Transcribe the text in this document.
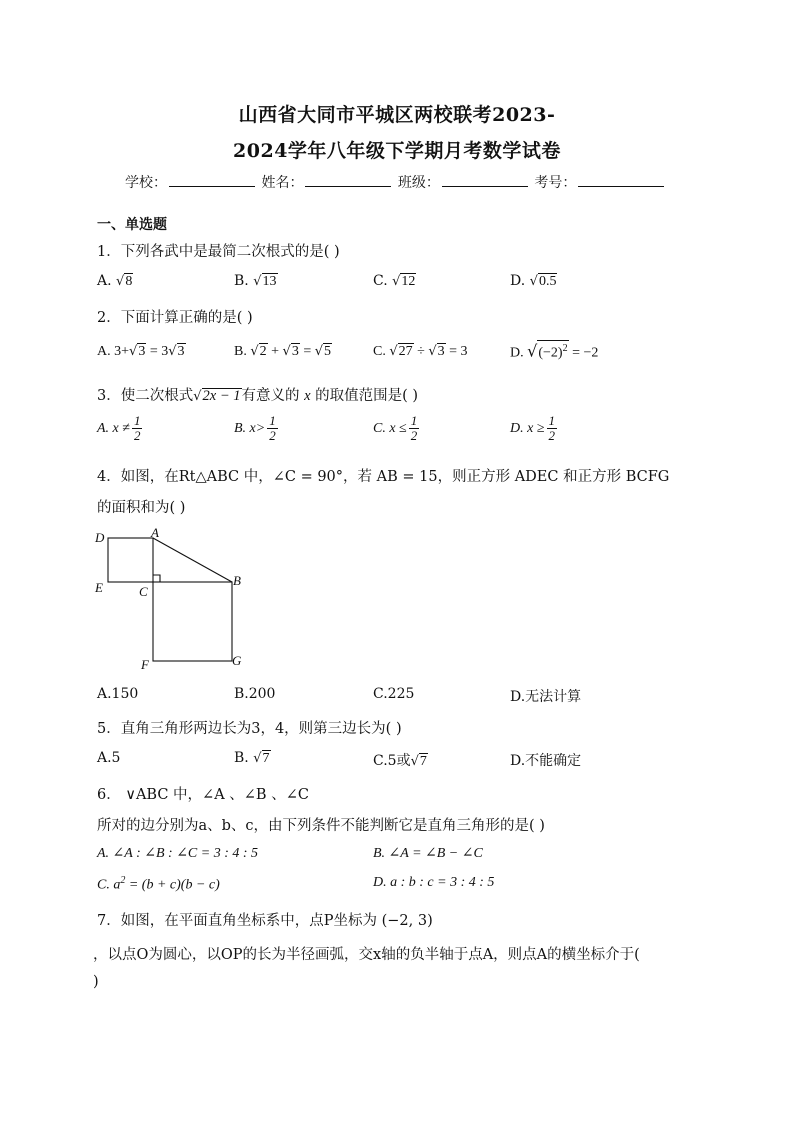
山西省大同市平城区两校联考2023-
2024学年八年级下学期月考数学试卷
学校：	姓名：	班级：	考号：
一、单选题
1．下列各武中是最简二次根式的是( )
A. √8	B. √13	C. √12	D. √0.5
2．下面计算正确的是( )
A. 3+√3 = 3√3	B. √2 + √3 = √5	C. √27 ÷ √3 = 3	D. $√(-2)^2 = -2$
3．使二次根式√2x − 1有意义的 x 的取值范围是( )
A. $x \ne \frac{1}{2}$	B. $x> \frac{1}{2}$	C. $x \le \frac{1}{2}$	D. $x \ge \frac{1}{2}$
4．如图，在Rt△ABC 中，∠C = 90°，若 AB = 15，则正方形 ADEC 和正方形 BCFG
的面积和为( )
D	A
B
E	C
F	G
A.150	B.200	C.225	D.无法计算
5．直角三角形两边长为3，4，则第三边长为( )
A.5	B. √7	C.5或√7	D.不能确定
6． ∨ABC 中，∠A 、∠B 、∠C
所对的边分别为a、b、c，由下列条件不能判断它是直角三角形的是( )
A. ∠A : ∠B : ∠C = 3 : 4 : 5	B. ∠A = ∠B − ∠C
C. $a^2 = (b + c)(b - c)$	D. a : b : c = 3 : 4 : 5
7．如图，在平面直角坐标系中，点P坐标为 (−2, 3)
，以点O为圆心，以OP的长为半径画弧，交x轴的负半轴于点A，则点A的横坐标介于(
)
